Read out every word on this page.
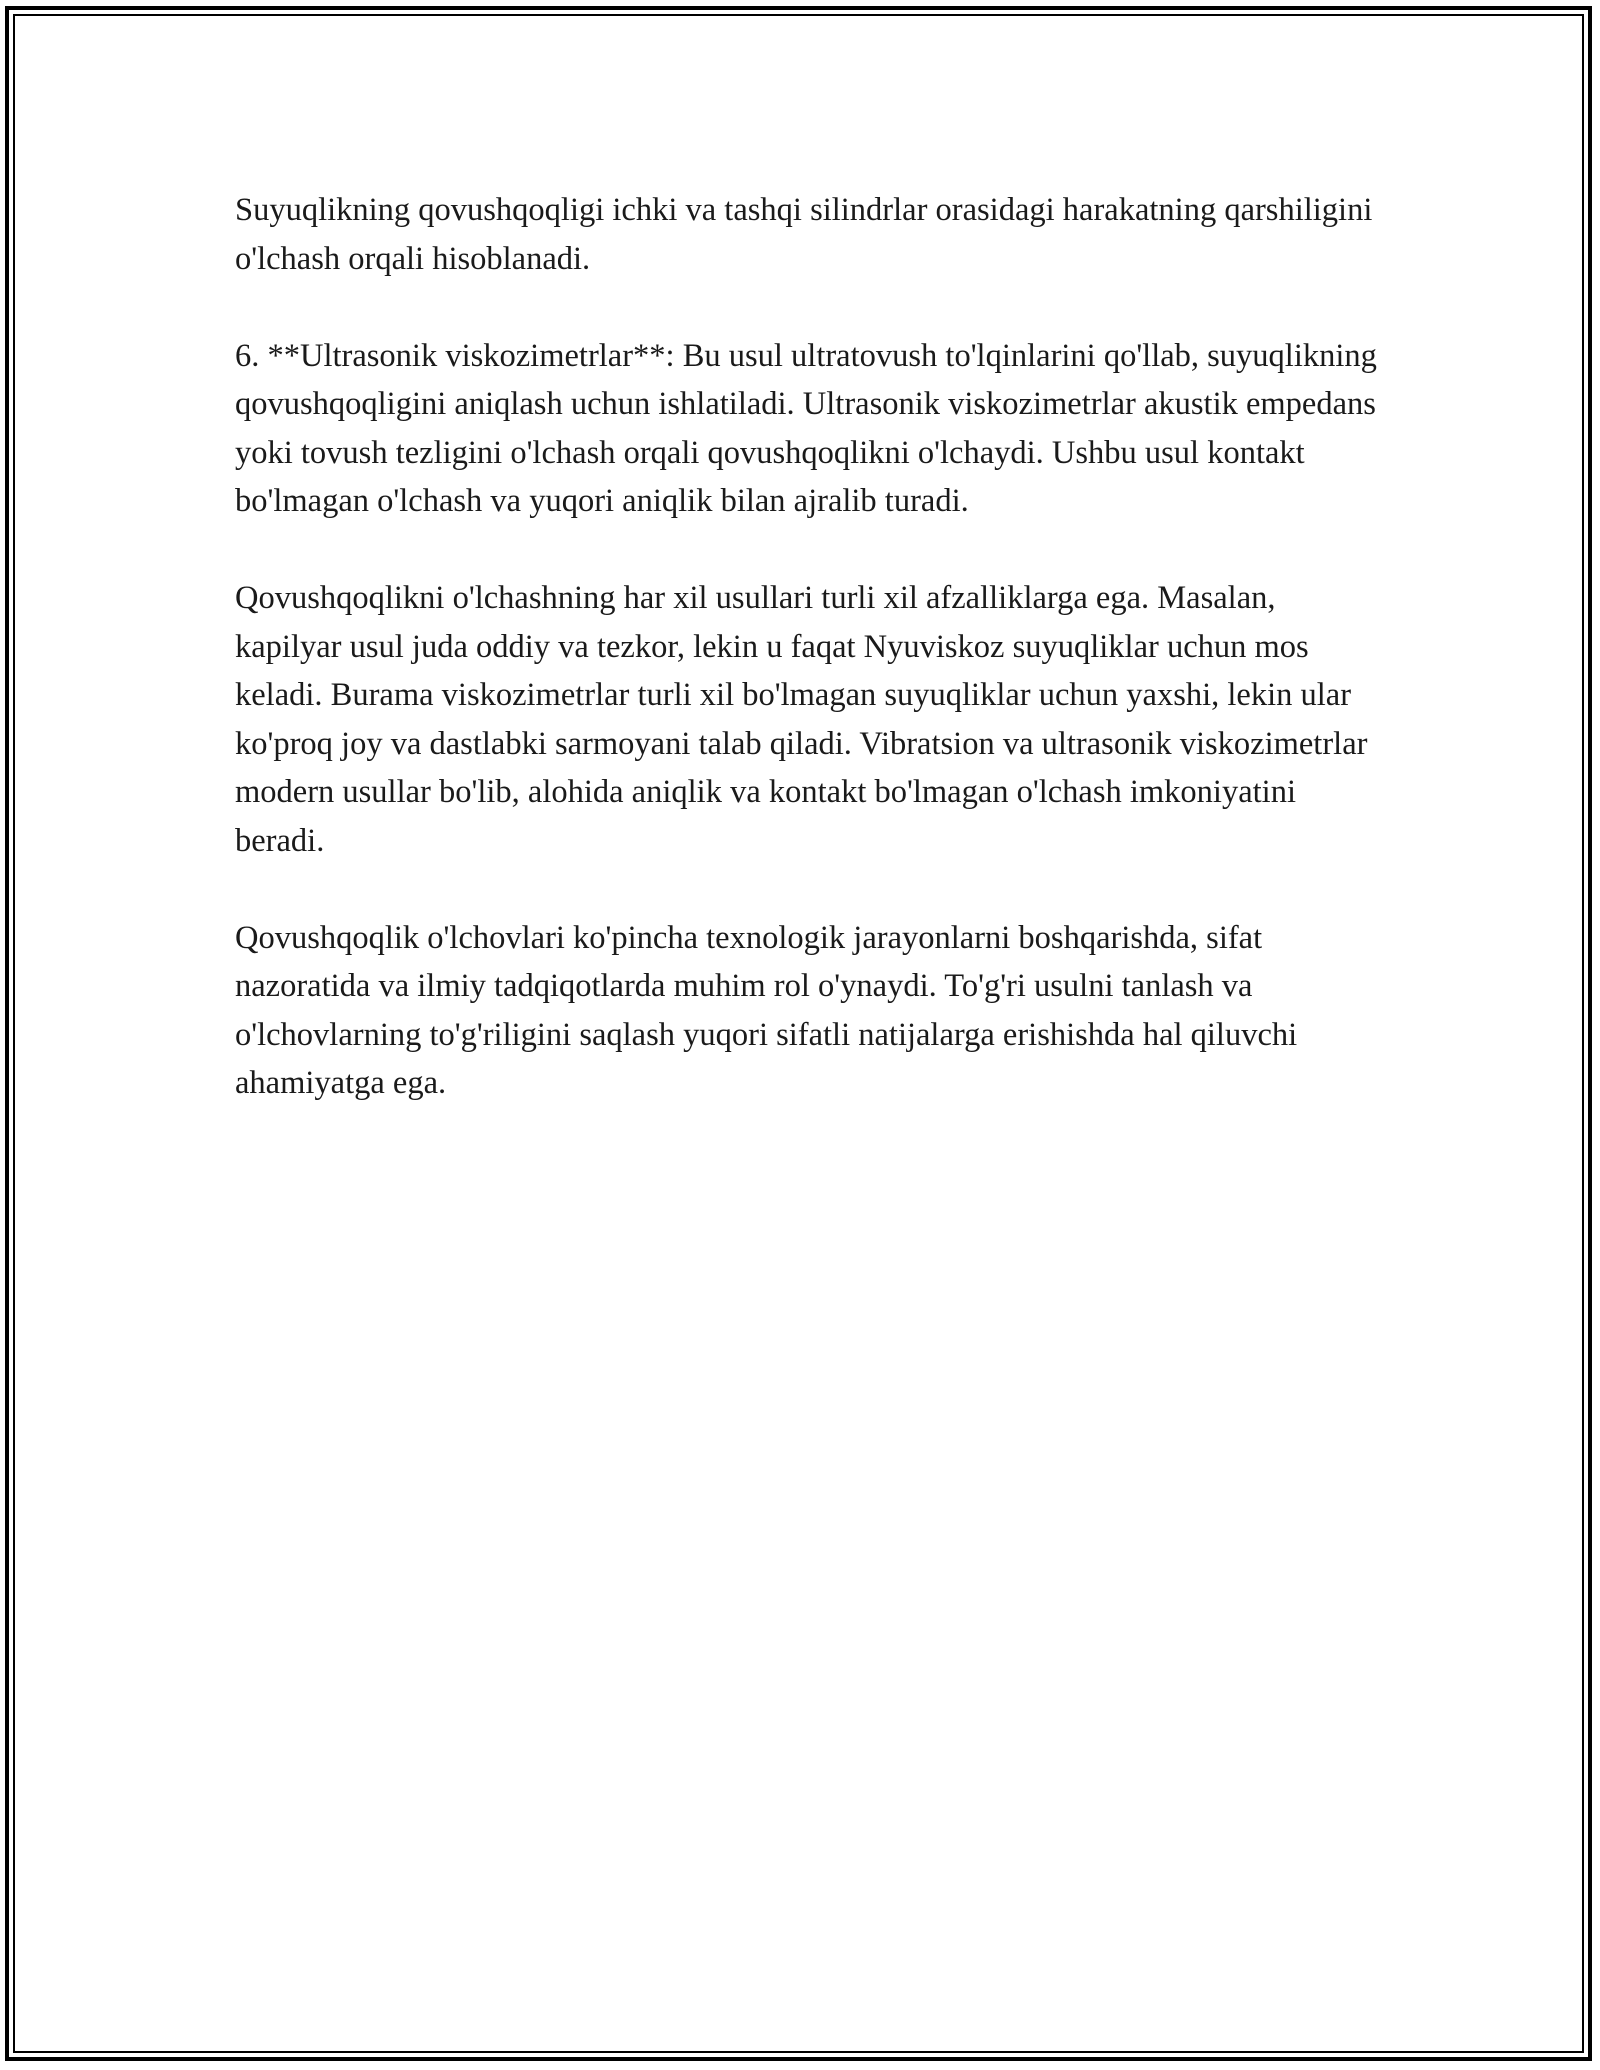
Suyuqlikning qovushqoqligi ichki va tashqi silindrlar orasidagi harakatning qarshiligini o'lchash orqali hisoblanadi.

6. **Ultrasonik viskozimetrlar**: Bu usul ultratovush to'lqinlarini qo'llab, suyuqlikning qovushqoqligini aniqlash uchun ishlatiladi. Ultrasonik viskozimetrlar akustik empedans yoki tovush tezligini o'lchash orqali qovushqoqlikni o'lchaydi. Ushbu usul kontakt bo'lmagan o'lchash va yuqori aniqlik bilan ajralib turadi.

Qovushqoqlikni o'lchashning har xil usullari turli xil afzalliklarga ega. Masalan, kapilyar usul juda oddiy va tezkor, lekin u faqat Nyuviskoz suyuqliklar uchun mos keladi. Burama viskozimetrlar turli xil bo'lmagan suyuqliklar uchun yaxshi, lekin ular ko'proq joy va dastlabki sarmoyani talab qiladi. Vibratsion va ultrasonik viskozimetrlar modern usullar bo'lib, alohida aniqlik va kontakt bo'lmagan o'lchash imkoniyatini beradi.

Qovushqoqlik o'lchovlari ko'pincha texnologik jarayonlarni boshqarishda, sifat nazoratida va ilmiy tadqiqotlarda muhim rol o'ynaydi. To'g'ri usulni tanlash va o'lchovlarning to'g'riligini saqlash yuqori sifatli natijalarga erishishda hal qiluvchi ahamiyatga ega.
